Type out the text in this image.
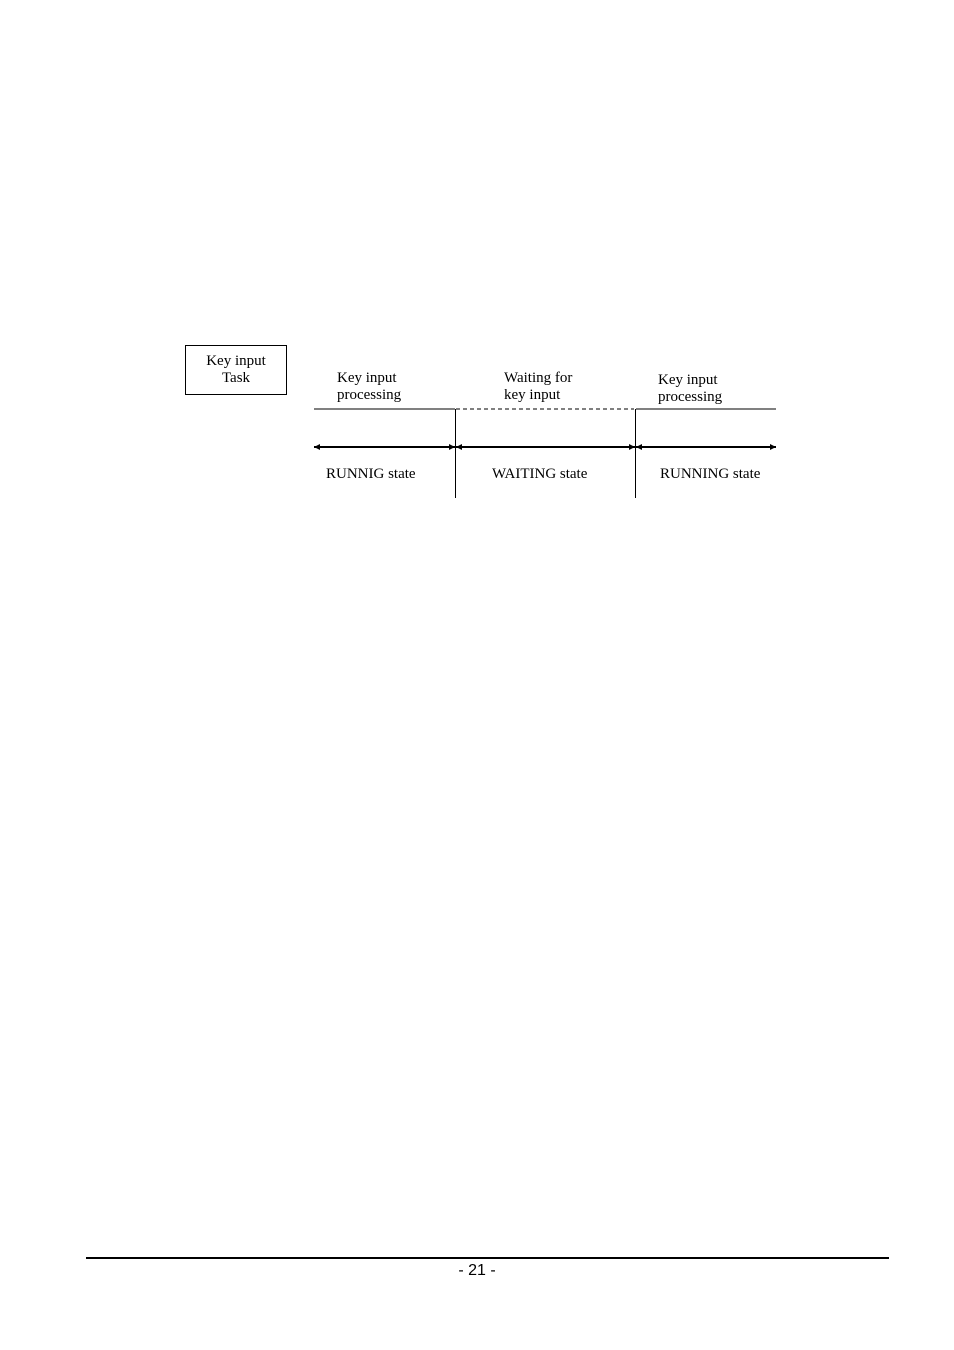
Key input
Task	Key input
processing
Waiting for
key input
Key input
processing
RUNNIG state	WAITING state	RUNNING state
- 21 -
